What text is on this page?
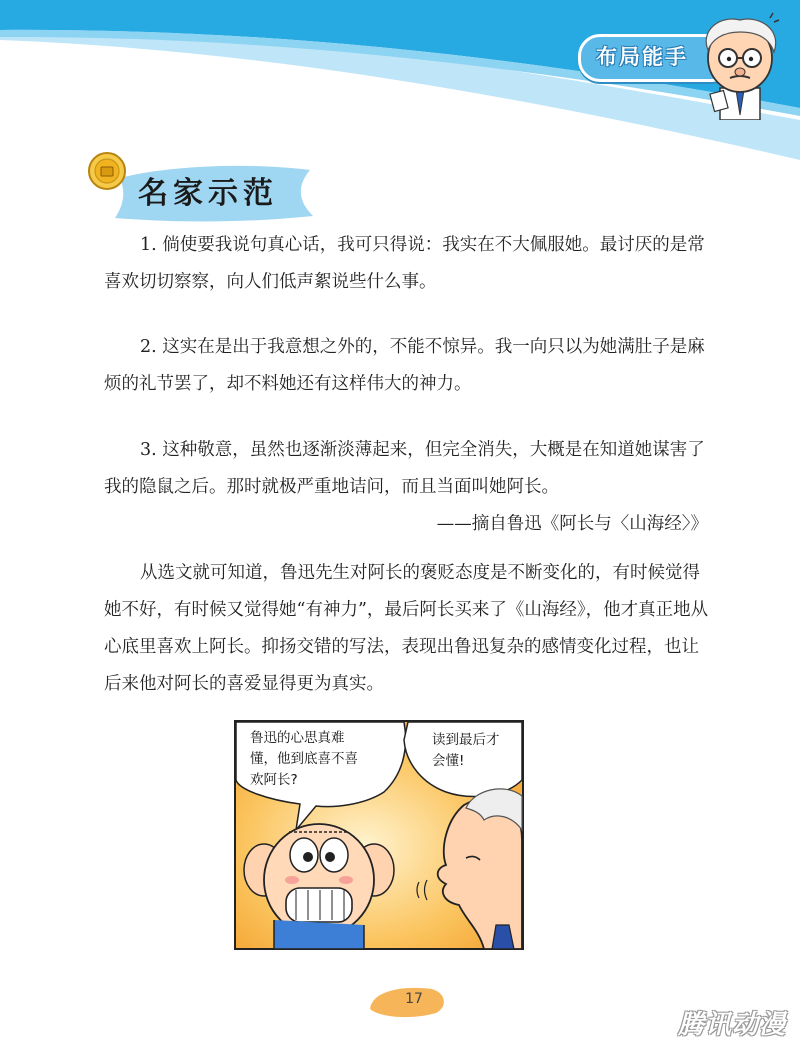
布局能手
名家示范

1. 倘使要我说句真心话，我可只得说：我实在不大佩服她。最讨厌的是常喜欢切切察察，向人们低声絮说些什么事。

2. 这实在是出于我意想之外的，不能不惊异。我一向只以为她满肚子是麻烦的礼节罢了，却不料她还有这样伟大的神力。

3. 这种敬意，虽然也逐渐淡薄起来，但完全消失，大概是在知道她谋害了我的隐鼠之后。那时就极严重地诘问，而且当面叫她阿长。

——摘自鲁迅《阿长与〈山海经〉》

从选文就可知道，鲁迅先生对阿长的褒贬态度是不断变化的，有时候觉得她不好，有时候又觉得她“有神力”，最后阿长买来了《山海经》，他才真正地从心底里喜欢上阿长。抑扬交错的写法，表现出鲁迅复杂的感情变化过程，也让后来他对阿长的喜爱显得更为真实。

鲁迅的心思真难
懂，他到底喜不喜
欢阿长?
读到最后才
会懂!
17
腾讯动漫
